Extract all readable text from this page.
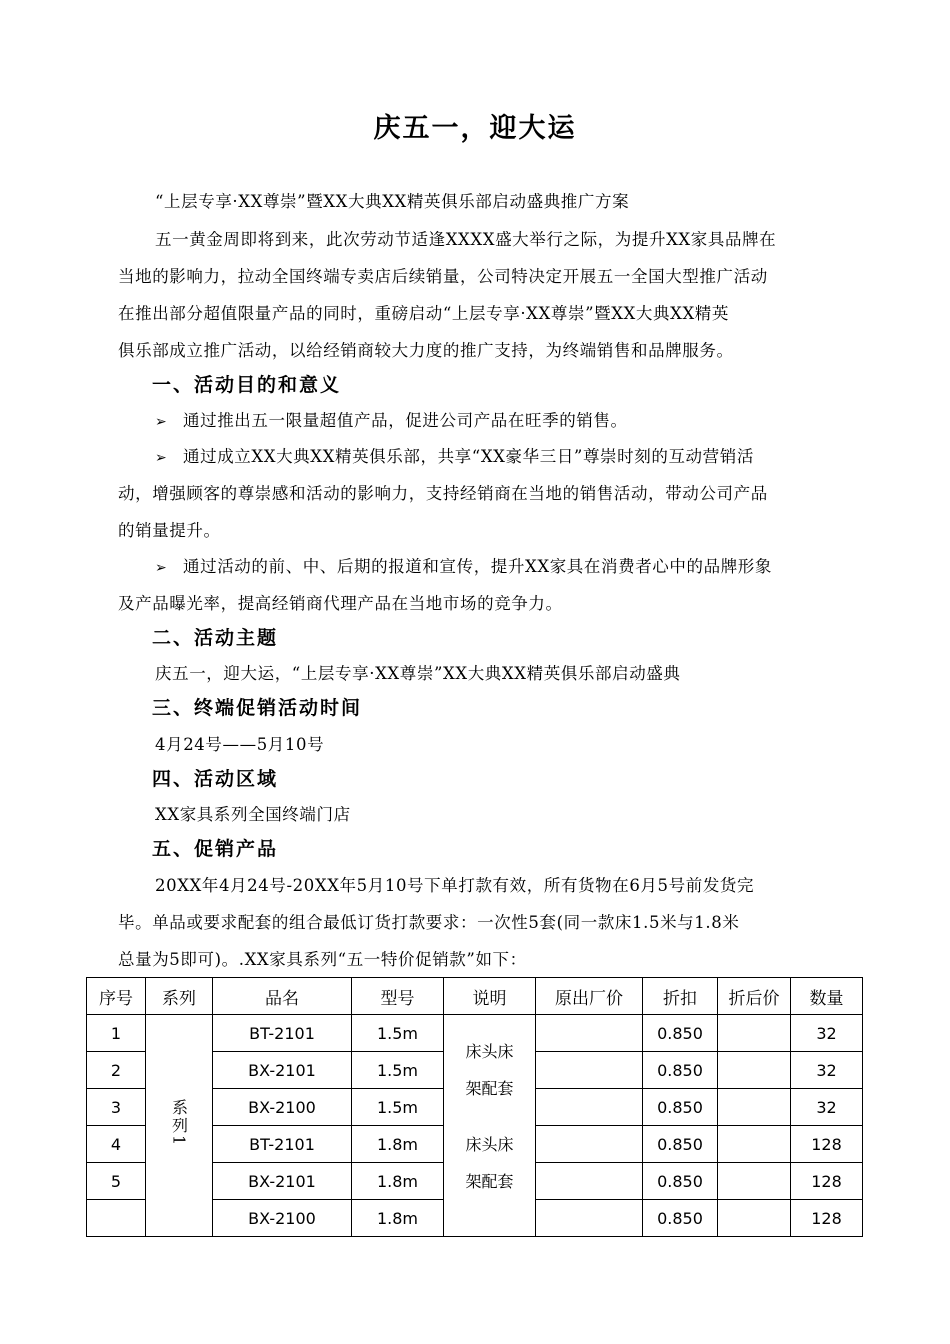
庆五一，迎大运
“上层专享·XX尊崇”暨XX大典XX精英俱乐部启动盛典推广方案
五一黄金周即将到来，此次劳动节适逢XXXX盛大举行之际，为提升XX家具品牌在
当地的影响力，拉动全国终端专卖店后续销量，公司特决定开展五一全国大型推广活动
在推出部分超值限量产品的同时，重磅启动“上层专享·XX尊崇”暨XX大典XX精英
俱乐部成立推广活动，以给经销商较大力度的推广支持，为终端销售和品牌服务。
一、活动目的和意义
➢ 通过推出五一限量超值产品，促进公司产品在旺季的销售。
➢ 通过成立XX大典XX精英俱乐部，共享“XX豪华三日”尊崇时刻的互动营销活
动，增强顾客的尊崇感和活动的影响力，支持经销商在当地的销售活动，带动公司产品
的销量提升。
➢ 通过活动的前、中、后期的报道和宣传，提升XX家具在消费者心中的品牌形象
及产品曝光率，提高经销商代理产品在当地市场的竞争力。
二、活动主题
庆五一，迎大运，“上层专享·XX尊崇”XX大典XX精英俱乐部启动盛典
三、终端促销活动时间
4月24号——5月10号
四、活动区域
XX家具系列全国终端门店
五、促销产品
20XX年4月24号-20XX年5月10号下单打款有效，所有货物在6月5号前发货完
毕。单品或要求配套的组合最低订货打款要求：一次性5套(同一款床1.5米与1.8米
总量为5即可)。.XX家具系列“五一特价促销款”如下：
序号	系列	品名	型号	说明	原出厂价	折扣	折后价	数量
1	系列1	BT-2101	1.5m	床头床架配套		0.850		32
2		BX-2101	1.5m			0.850		32
3		BX-2100	1.5m			0.850		32
4		BT-2101	1.8m	床头床架配套		0.850		128
5		BX-2101	1.8m			0.850		128
		BX-2100	1.8m			0.850		128
